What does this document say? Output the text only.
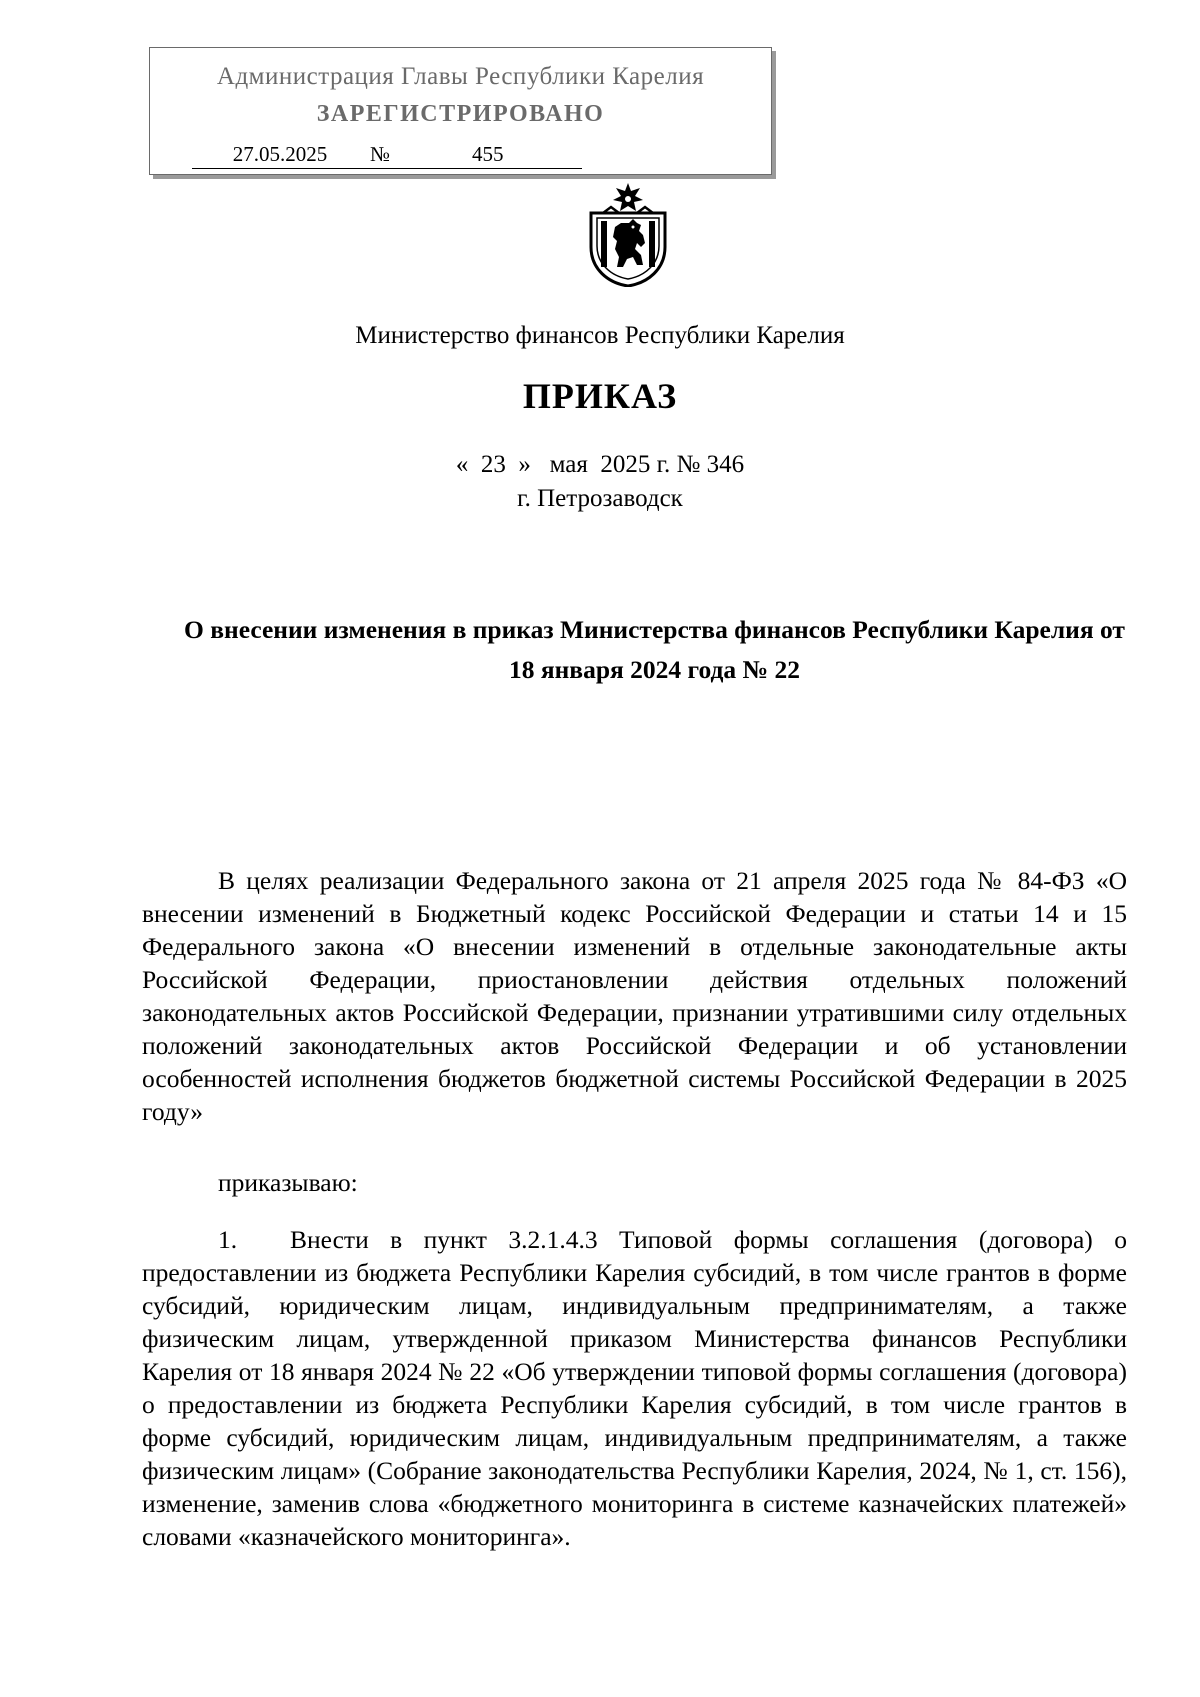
Администрация Главы Республики Карелия
ЗАРЕГИСТРИРОВАНО
27.05.2025 №	455
Министерство финансов Республики Карелия
ПРИКАЗ
«  23  »   мая  2025 г. № 346
г. Петрозаводск
О внесении изменения в приказ Министерства финансов Республики Карелия от 18 января 2024 года № 22
В целях реализации Федерального закона от 21 апреля 2025 года № 84-ФЗ «О внесении изменений в Бюджетный кодекс Российской Федерации и статьи 14 и 15 Федерального закона «О внесении изменений в отдельные законодательные акты Российской Федерации, приостановлении действия отдельных положений законодательных актов Российской Федерации, признании утратившими силу отдельных положений законодательных актов Российской Федерации и об установлении особенностей исполнения бюджетов бюджетной системы Российской Федерации в 2025 году»
приказываю:
1. Внести в пункт 3.2.1.4.3 Типовой формы соглашения (договора) о предоставлении из бюджета Республики Карелия субсидий, в том числе грантов в форме субсидий, юридическим лицам, индивидуальным предпринимателям, а также физическим лицам, утвержденной приказом Министерства финансов Республики Карелия от 18 января 2024 № 22 «Об утверждении типовой формы соглашения (договора) о предоставлении из бюджета Республики Карелия субсидий, в том числе грантов в форме субсидий, юридическим лицам, индивидуальным предпринимателям, а также физическим лицам» (Собрание законодательства Республики Карелия, 2024, № 1, ст. 156), изменение, заменив слова «бюджетного мониторинга в системе казначейских платежей» словами «казначейского мониторинга».
